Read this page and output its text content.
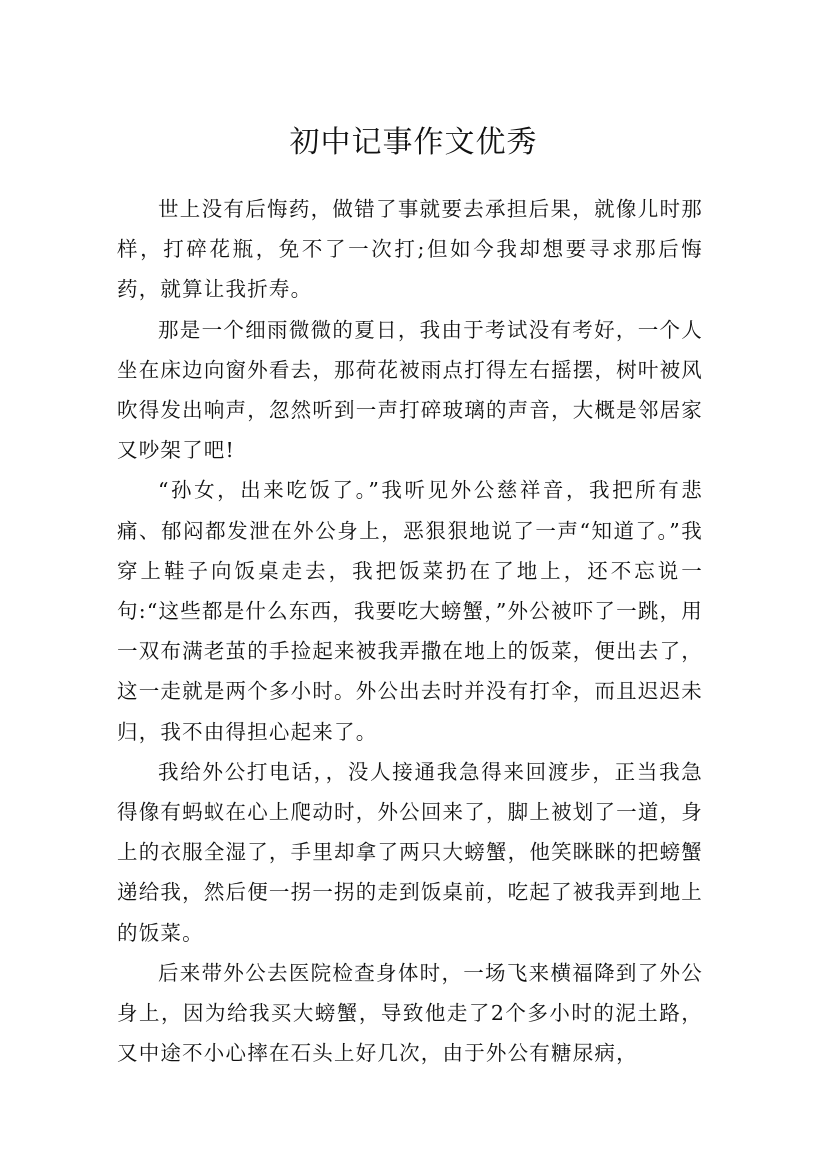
初中记事作文优秀

世上没有后悔药，做错了事就要去承担后果，就像儿时那样，打碎花瓶，免不了一次打;但如今我却想要寻求那后悔药，就算让我折寿。

那是一个细雨微微的夏日，我由于考试没有考好，一个人坐在床边向窗外看去，那荷花被雨点打得左右摇摆，树叶被风吹得发出响声，忽然听到一声打碎玻璃的声音，大概是邻居家又吵架了吧!

“孙女，出来吃饭了。”我听见外公慈祥音，我把所有悲痛、郁闷都发泄在外公身上，恶狠狠地说了一声“知道了。”我穿上鞋子向饭桌走去，我把饭菜扔在了地上，还不忘说一句:“这些都是什么东西，我要吃大螃蟹，”外公被吓了一跳，用一双布满老茧的手捡起来被我弄撒在地上的饭菜，便出去了，这一走就是两个多小时。外公出去时并没有打伞，而且迟迟未归，我不由得担心起来了。

我给外公打电话，，没人接通我急得来回渡步，正当我急得像有蚂蚁在心上爬动时，外公回来了，脚上被划了一道，身上的衣服全湿了，手里却拿了两只大螃蟹，他笑眯眯的把螃蟹递给我，然后便一拐一拐的走到饭桌前，吃起了被我弄到地上的饭菜。

后来带外公去医院检查身体时，一场飞来横福降到了外公身上，因为给我买大螃蟹，导致他走了2个多小时的泥土路，又中途不小心摔在石头上好几次，由于外公有糖尿病，
